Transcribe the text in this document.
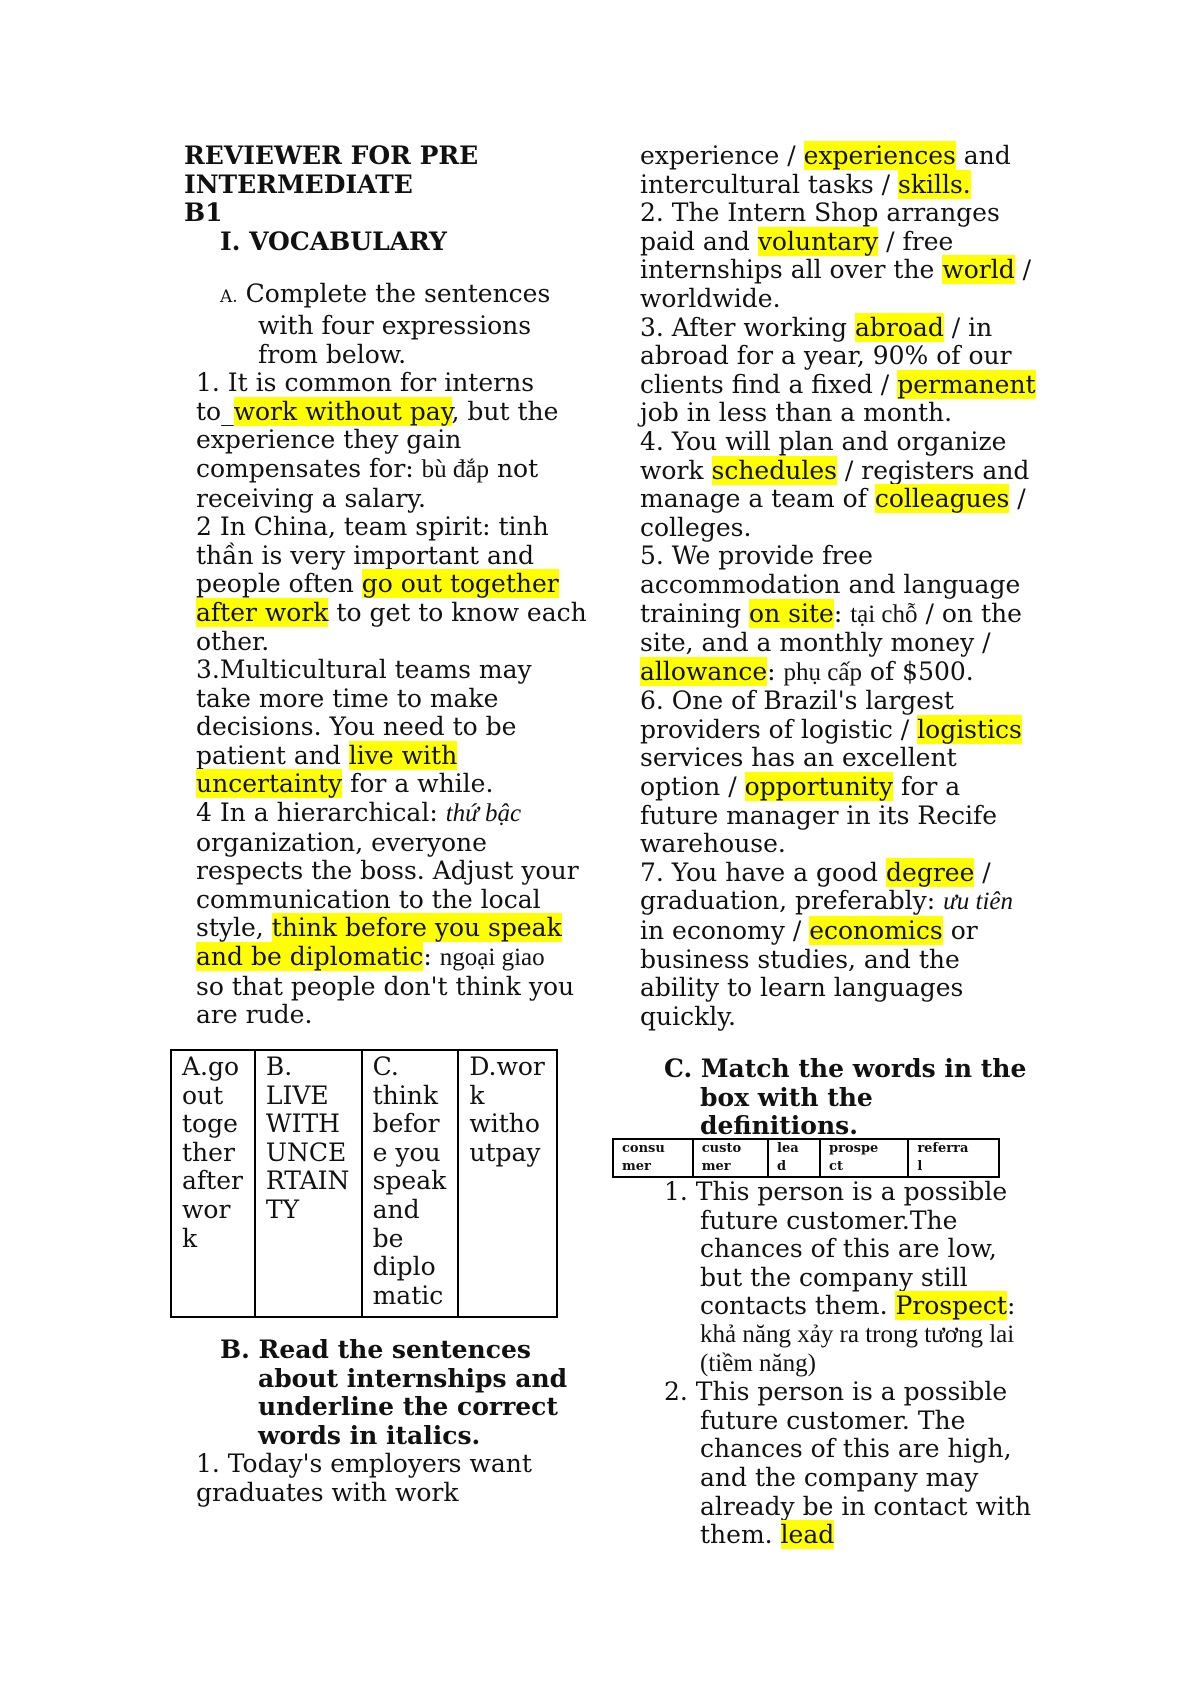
REVIEWER FOR PRE
INTERMEDIATE
B1
I. VOCABULARY
A. Complete the sentences
with four expressions
from below.
1. It is common for interns
to_work without pay, but the
experience they gain
compensates for: bù đắp not
receiving a salary.
2 In China, team spirit: tinh
thần is very important and
people often go out together
after work to get to know each
other.
3.Multicultural teams may
take more time to make
decisions. You need to be
patient and live with
uncertainty for a while.
4 In a hierarchical: thứ bậc
organization, everyone
respects the boss. Adjust your
communication to the local
style, think before you speak
and be diplomatic: ngoại giao
so that people don't think you
are rude.
A.go
out
toge
ther
after
wor
k

B.
LIVE
WITH
UNCE
RTAIN
TY

C.
think
befor
e you
speak
and
be
diplo
matic

D.wor
k
witho
utpay
B. Read the sentences
about internships and
underline the correct
words in italics.
1. Today's employers want
graduates with work
experience / experiences and
intercultural tasks / skills.
2. The Intern Shop arranges
paid and voluntary / free
internships all over the world /
worldwide.
3. After working abroad / in
abroad for a year, 90% of our
clients find a fixed / permanent
job in less than a month.
4. You will plan and organize
work schedules / registers and
manage a team of colleagues /
colleges.
5. We provide free
accommodation and language
training on site: tại chỗ / on the
site, and a monthly money /
allowance: phụ cấp of $500.
6. One of Brazil's largest
providers of logistic / logistics
services has an excellent
option / opportunity for a
future manager in its Recife
warehouse.
7. You have a good degree /
graduation, preferably: ưu tiên
in economy / economics or
business studies, and the
ability to learn languages
quickly.
C. Match the words in the
box with the
definitions.
consu
mer

custo
mer

lea
d

prospe
ct

referra
l
1. This person is a possible
future customer.The
chances of this are low,
but the company still
contacts them. Prospect:
khả năng xảy ra trong tương lai
(tiềm năng)
2. This person is a possible
future customer. The
chances of this are high,
and the company may
already be in contact with
them. lead
